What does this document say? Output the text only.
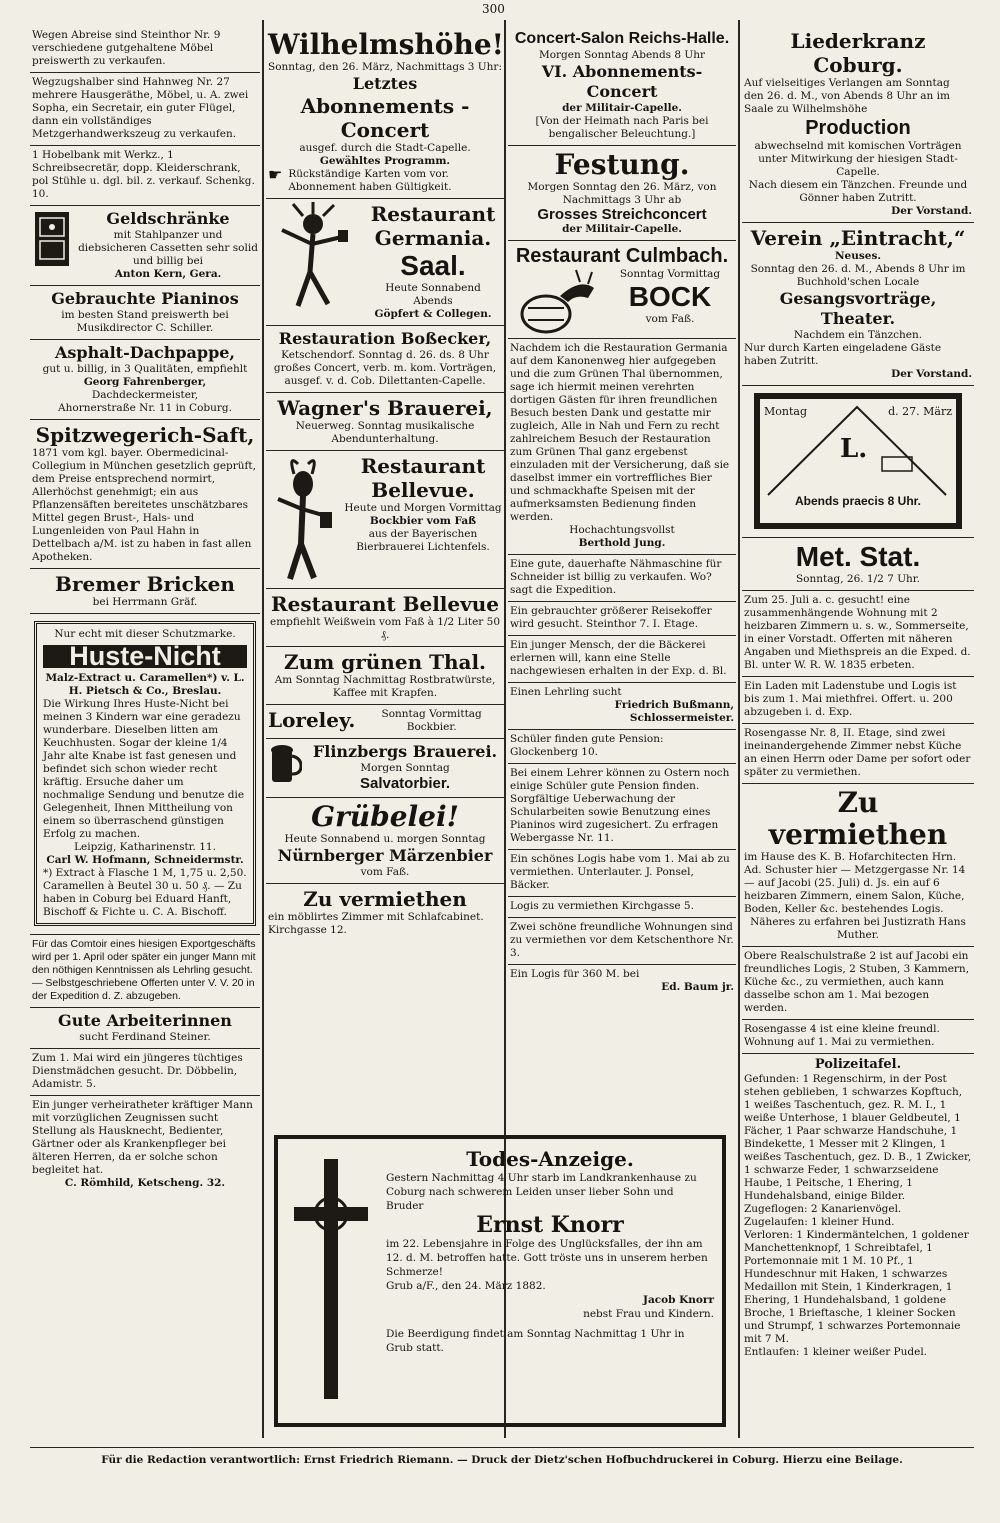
300

Wegen Abreise sind Steinthor Nr. 9 verschiedene gutgehaltene Möbel preiswerth zu verkaufen.

Wegzugshalber sind Hahnweg Nr. 27 mehrere Hausgeräthe, Möbel, u. A. zwei Sopha, ein Secretair, ein guter Flügel, dann ein vollständiges Metzgerhandwerkszeug zu verkaufen.

1 Hobelbank mit Werkz., 1 Schreibsecretär, dopp. Kleiderschrank, pol Stühle u. dgl. bil. z. verkauf. Schenkg. 10.

Geldschränke

mit Stahlpanzer und diebsicheren Cassetten sehr solid und billig bei

Anton Kern, Gera.

Gebrauchte Pianinos

im besten Stand preiswerth bei Musikdirector C. Schiller.

Asphalt-Dachpappe,

gut u. billig, in 3 Qualitäten, empfiehlt

Georg Fahrenberger,

Dachdeckermeister,

Ahornerstraße Nr. 11 in Coburg.

Spitzwegerich-Saft,

1871 vom kgl. bayer. Obermedicinal-Collegium in München gesetzlich geprüft, dem Preise entsprechend normirt, Allerhöchst genehmigt; ein aus Pflanzensäften bereitetes unschätzbares Mittel gegen Brust-, Hals- und Lungenleiden von Paul Hahn in Dettelbach a/M. ist zu haben in fast allen Apotheken.

Bremer Bricken

bei Herrmann Gräf.

Nur echt mit dieser Schutzmarke.

Huste-Nicht

Malz-Extract u. Caramellen*) v. L. H. Pietsch & Co., Breslau.

Die Wirkung Ihres Huste-Nicht bei meinen 3 Kindern war eine geradezu wunderbare. Dieselben litten am Keuchhusten. Sogar der kleine 1/4 Jahr alte Knabe ist fast genesen und befindet sich schon wieder recht kräftig. Ersuche daher um nochmalige Sendung und benutze die Gelegenheit, Ihnen Mittheilung von einem so überraschend günstigen Erfolg zu machen.

Leipzig, Katharinenstr. 11.

Carl W. Hofmann, Schneidermstr.

*) Extract à Flasche 1 M, 1,75 u. 2,50. Caramellen à Beutel 30 u. 50 ₰. — Zu haben in Coburg bei Eduard Hanft, Bischoff & Fichte u. C. A. Bischoff.

Für das Comtoir eines hiesigen Exportgeschäfts wird per 1. April oder später ein junger Mann mit den nöthigen Kenntnissen als Lehrling gesucht. — Selbstgeschriebene Offerten unter V. V. 20 in der Expedition d. Z. abzugeben.

Gute Arbeiterinnen

sucht Ferdinand Steiner.

Zum 1. Mai wird ein jüngeres tüchtiges Dienstmädchen gesucht. Dr. Döbbelin, Adamistr. 5.

Ein junger verheiratheter kräftiger Mann mit vorzüglichen Zeugnissen sucht Stellung als Hausknecht, Bedienter, Gärtner oder als Krankenpfleger bei älteren Herren, da er solche schon begleitet hat.

C. Römhild, Ketscheng. 32.

Wilhelmshöhe!

Sonntag, den 26. März, Nachmittags 3 Uhr:

Letztes
Abonnements - Concert

ausgef. durch die Stadt-Capelle.

Gewähltes Programm.

☛ Rückständige Karten vom vor. Abonnement haben Gültigkeit.

Restaurant Germania.
Saal.

Heute Sonnabend Abends

Göpfert & Collegen.

Restauration Boßecker,

Ketschendorf. Sonntag d. 26. ds. 8 Uhr großes Concert, verb. m. kom. Vorträgen, ausgef. v. d. Cob. Dilettanten-Capelle.

Wagner's Brauerei,

Neuerweg. Sonntag musikalische Abendunterhaltung.

Restaurant Bellevue.

Heute und Morgen Vormittag

Bockbier vom Faß

aus der Bayerischen Bierbrauerei Lichtenfels.

Restaurant Bellevue

empfiehlt Weißwein vom Faß à 1/2 Liter 50 ₰.

Zum grünen Thal.

Am Sonntag Nachmittag Rostbratwürste, Kaffee mit Krapfen.

Loreley.	Sonntag Vormittag Bockbier.

Flinzbergs Brauerei.

Morgen Sonntag

Salvatorbier.

Grübelei!

Heute Sonnabend u. morgen Sonntag

Nürnberger Märzenbier

vom Faß.

Zu vermiethen

ein möblirtes Zimmer mit Schlafcabinet. Kirchgasse 12.

Concert-Salon Reichs-Halle.

Morgen Sonntag Abends 8 Uhr

VI. Abonnements-Concert

der Militair-Capelle.

[Von der Heimath nach Paris bei bengalischer Beleuchtung.]

Festung.

Morgen Sonntag den 26. März, von Nachmittags 3 Uhr ab

Grosses Streichconcert

der Militair-Capelle.

Restaurant Culmbach.

Sonntag Vormittag

BOCK

vom Faß.

Nachdem ich die Restauration Germania auf dem Kanonenweg hier aufgegeben und die zum Grünen Thal übernommen, sage ich hiermit meinen verehrten dortigen Gästen für ihren freundlichen Besuch besten Dank und gestatte mir zugleich, Alle in Nah und Fern zu recht zahlreichem Besuch der Restauration zum Grünen Thal ganz ergebenst einzuladen mit der Versicherung, daß sie daselbst immer ein vortreffliches Bier und schmackhafte Speisen mit der aufmerksamsten Bedienung finden werden.

Hochachtungsvollst

Berthold Jung.

Eine gute, dauerhafte Nähmaschine für Schneider ist billig zu verkaufen. Wo? sagt die Expedition.

Ein gebrauchter größerer Reisekoffer wird gesucht. Steinthor 7. I. Etage.

Ein junger Mensch, der die Bäckerei erlernen will, kann eine Stelle nachgewiesen erhalten in der Exp. d. Bl.

Einen Lehrling sucht

Friedrich Bußmann, Schlossermeister.

Schüler finden gute Pension: Glockenberg 10.

Bei einem Lehrer können zu Ostern noch einige Schüler gute Pension finden. Sorgfältige Ueberwachung der Schularbeiten sowie Benutzung eines Pianinos wird zugesichert. Zu erfragen Webergasse Nr. 11.

Ein schönes Logis habe vom 1. Mai ab zu vermiethen. Unterlauter. J. Ponsel, Bäcker.

Logis zu vermiethen Kirchgasse 5.

Zwei schöne freundliche Wohnungen sind zu vermiethen vor dem Ketschenthore Nr. 3.

Ein Logis für 360 M. bei

Ed. Baum jr.

Liederkranz Coburg.

Auf vielseitiges Verlangen am Sonntag den 26. d. M., von Abends 8 Uhr an im Saale zu Wilhelmshöhe

Production

abwechselnd mit komischen Vorträgen unter Mitwirkung der hiesigen Stadt-Capelle.

Nach diesem ein Tänzchen. Freunde und Gönner haben Zutritt.

Der Vorstand.

Verein „Eintracht,“

Neuses.

Sonntag den 26. d. M., Abends 8 Uhr im Buchhold'schen Locale

Gesangsvorträge, Theater.

Nachdem ein Tänzchen.

Nur durch Karten eingeladene Gäste haben Zutritt.

Der Vorstand.

Montag	d. 27. März
L.
Abends praecis 8 Uhr.
Met. Stat.

Sonntag, 26. 1/2 7 Uhr.

Zum 25. Juli a. c. gesucht! eine zusammenhängende Wohnung mit 2 heizbaren Zimmern u. s. w., Sommerseite, in einer Vorstadt. Offerten mit näheren Angaben und Miethspreis an die Exped. d. Bl. unter W. R. W. 1835 erbeten.

Ein Laden mit Ladenstube und Logis ist bis zum 1. Mai miethfrei. Offert. u. 200 abzugeben i. d. Exp.

Rosengasse Nr. 8, II. Etage, sind zwei ineinandergehende Zimmer nebst Küche an einen Herrn oder Dame per sofort oder später zu vermiethen.

Zu vermiethen

im Hause des K. B. Hofarchitecten Hrn. Ad. Schuster hier — Metzgergasse Nr. 14 — auf Jacobi (25. Juli) d. Js. ein auf 6 heizbaren Zimmern, einem Salon, Küche, Boden, Keller &c. bestehendes Logis.

Näheres zu erfahren bei Justizrath Hans Muther.

Obere Realschulstraße 2 ist auf Jacobi ein freundliches Logis, 2 Stuben, 3 Kammern, Küche &c., zu vermiethen, auch kann dasselbe schon am 1. Mai bezogen werden.

Rosengasse 4 ist eine kleine freundl. Wohnung auf 1. Mai zu vermiethen.

Polizeitafel.

Gefunden: 1 Regenschirm, in der Post stehen geblieben, 1 schwarzes Kopftuch, 1 weißes Taschentuch, gez. R. M. I., 1 weiße Unterhose, 1 blauer Geldbeutel, 1 Fächer, 1 Paar schwarze Handschuhe, 1 Bindekette, 1 Messer mit 2 Klingen, 1 weißes Taschentuch, gez. D. B., 1 Zwicker, 1 schwarze Feder, 1 schwarzseidene Haube, 1 Peitsche, 1 Ehering, 1 Hundehalsband, einige Bilder.

Zugeflogen: 2 Kanarienvögel.

Zugelaufen: 1 kleiner Hund.

Verloren: 1 Kindermäntelchen, 1 goldener Manchettenknopf, 1 Schreibtafel, 1 Portemonnaie mit 1 M. 10 Pf., 1 Hundeschnur mit Haken, 1 schwarzes Medaillon mit Stein, 1 Kinderkragen, 1 Ehering, 1 Hundehalsband, 1 goldene Broche, 1 Brieftasche, 1 kleiner Socken und Strumpf, 1 schwarzes Portemonnaie mit 7 M.

Entlaufen: 1 kleiner weißer Pudel.

Todes-Anzeige.

Gestern Nachmittag 4 Uhr starb im Landkrankenhause zu Coburg nach schwerem Leiden unser lieber Sohn und Bruder

Ernst Knorr

im 22. Lebensjahre in Folge des Unglücksfalles, der ihn am 12. d. M. betroffen hatte. Gott tröste uns in unserem herben Schmerze!

Grub a/F., den 24. März 1882.

Jacob Knorr

nebst Frau und Kindern.

Die Beerdigung findet am Sonntag Nachmittag 1 Uhr in Grub statt.

Für die Redaction verantwortlich: Ernst Friedrich Riemann. — Druck der Dietz'schen Hofbuchdruckerei in Coburg. Hierzu eine Beilage.
